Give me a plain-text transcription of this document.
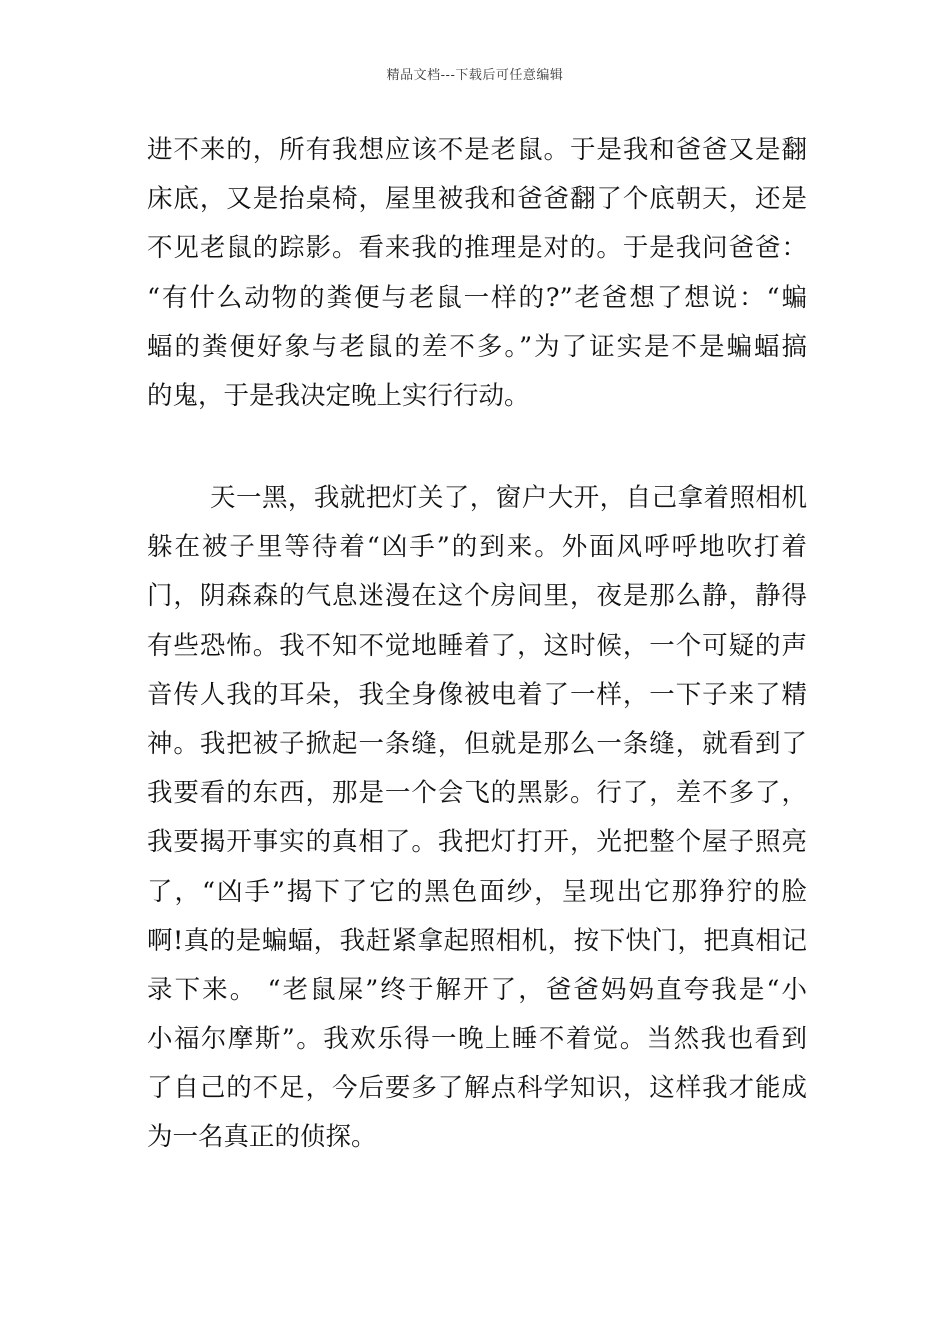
精品文档---下载后可任意编辑
进不来的，所有我想应该不是老鼠。于是我和爸爸又是翻
床底，又是抬桌椅，屋里被我和爸爸翻了个底朝天，还是
不见老鼠的踪影。看来我的推理是对的。于是我问爸爸：
“有什么动物的粪便与老鼠一样的?”老爸想了想说：“蝙
蝠的粪便好象与老鼠的差不多。”为了证实是不是蝙蝠搞
的鬼，于是我决定晚上实行行动。
天一黑，我就把灯关了，窗户大开，自己拿着照相机
躲在被子里等待着“凶手”的到来。外面风呼呼地吹打着
门，阴森森的气息迷漫在这个房间里，夜是那么静，静得
有些恐怖。我不知不觉地睡着了，这时候，一个可疑的声
音传人我的耳朵，我全身像被电着了一样，一下子来了精
神。我把被子掀起一条缝，但就是那么一条缝，就看到了
我要看的东西，那是一个会飞的黑影。行了，差不多了，
我要揭开事实的真相了。我把灯打开，光把整个屋子照亮
了，“凶手”揭下了它的黑色面纱，呈现出它那狰狞的脸
啊!真的是蝙蝠，我赶紧拿起照相机，按下快门，把真相记
录下来。 “老鼠屎”终于解开了，爸爸妈妈直夸我是“小
小福尔摩斯”。我欢乐得一晚上睡不着觉。当然我也看到
了自己的不足，今后要多了解点科学知识，这样我才能成
为一名真正的侦探。
